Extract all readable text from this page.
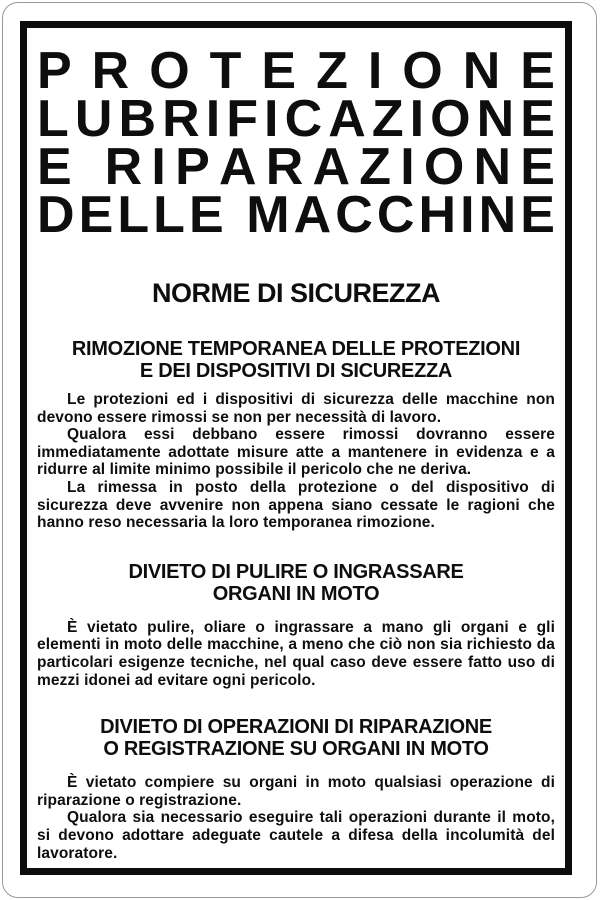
P R O T E Z I O N E
L U B R I F I C A Z I O N E
E R I P A R A Z I O N E
D E L L E M A C C H I N E
NORME DI SICUREZZA
RIMOZIONE TEMPORANEA DELLE PROTEZIONI
E DEI DISPOSITIVI DI SICUREZZA

Le protezioni ed i dispositivi di sicurezza delle macchine non devono essere rimossi se non per necessità di lavoro.

Qualora essi debbano essere rimossi dovranno essere immediatamente adottate misure atte a mantenere in evidenza e a ridurre al limite minimo possibile il pericolo che ne deriva.

La rimessa in posto della protezione o del dispositivo di sicurezza deve avvenire non appena siano cessate le ragioni che hanno reso necessaria la loro temporanea rimozione.

DIVIETO DI PULIRE O INGRASSARE
ORGANI IN MOTO

È vietato pulire, oliare o ingrassare a mano gli organi e gli elementi in moto delle macchine, a meno che ciò non sia richiesto da particolari esigenze tecniche, nel qual caso deve essere fatto uso di mezzi idonei ad evitare ogni pericolo.

DIVIETO DI OPERAZIONI DI RIPARAZIONE
O REGISTRAZIONE SU ORGANI IN MOTO

È vietato compiere su organi in moto qualsiasi operazione di riparazione o registrazione.

Qualora sia necessario eseguire tali operazioni durante il moto, si devono adottare adeguate cautele a difesa della incolumità del lavoratore.
